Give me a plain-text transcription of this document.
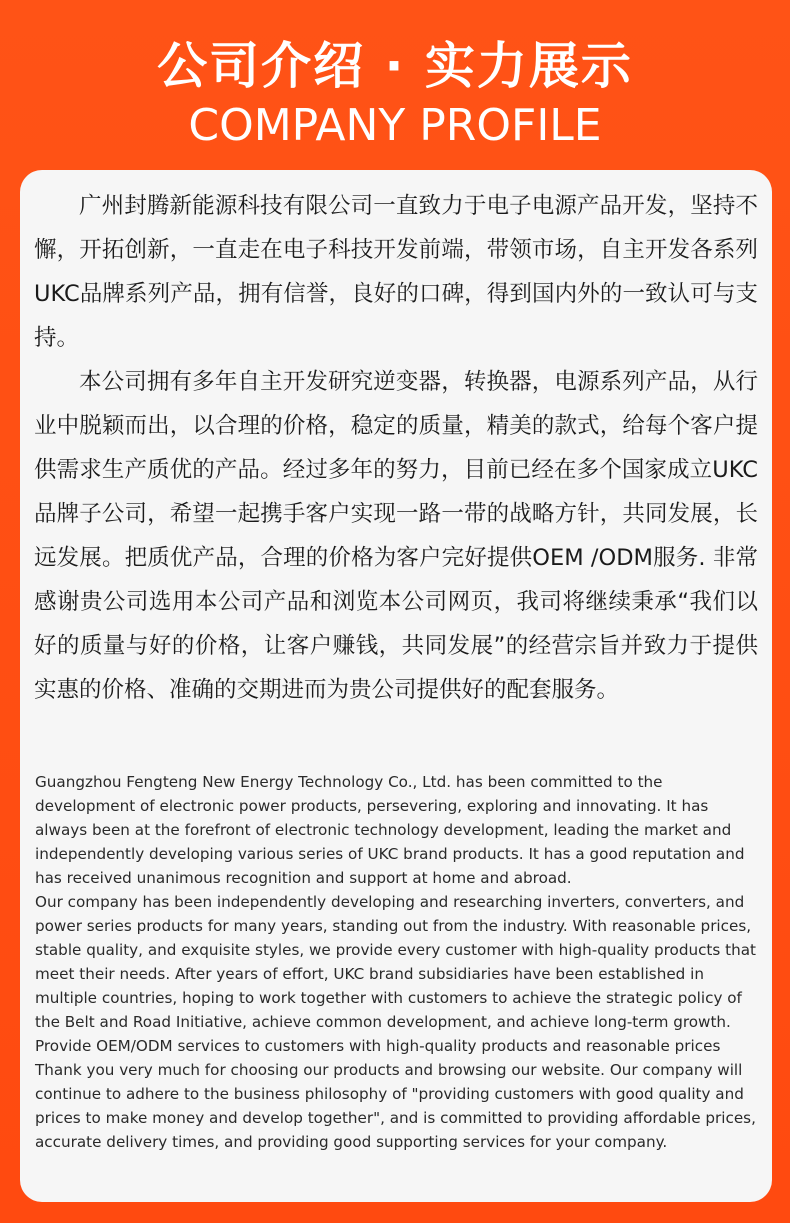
公司介绍 · 实力展示
COMPANY PROFILE

广州封腾新能源科技有限公司一直致力于电子电源产品开发，坚持不懈，开拓创新，一直走在电子科技开发前端，带领市场，自主开发各系列UKC品牌系列产品，拥有信誉，良好的口碑，得到国内外的一致认可与支持。

本公司拥有多年自主开发研究逆变器，转换器，电源系列产品，从行业中脱颖而出，以合理的价格，稳定的质量，精美的款式，给每个客户提供需求生产质优的产品。经过多年的努力，目前已经在多个国家成立UKC品牌子公司，希望一起携手客户实现一路一带的战略方针，共同发展，长远发展。把质优产品，合理的价格为客户完好提供OEM /ODM服务. 非常感谢贵公司选用本公司产品和浏览本公司网页，我司将继续秉承“我们以好的质量与好的价格，让客户赚钱，共同发展”的经营宗旨并致力于提供实惠的价格、准确的交期进而为贵公司提供好的配套服务。

Guangzhou Fengteng New Energy Technology Co., Ltd. has been committed to the development of electronic power products, persevering, exploring and innovating. It has always been at the forefront of electronic technology development, leading the market and independently developing various series of UKC brand products. It has a good reputation and has received unanimous recognition and support at home and abroad.

Our company has been independently developing and researching inverters, converters, and power series products for many years, standing out from the industry. With reasonable prices, stable quality, and exquisite styles, we provide every customer with high-quality products that meet their needs. After years of effort, UKC brand subsidiaries have been established in multiple countries, hoping to work together with customers to achieve the strategic policy of the Belt and Road Initiative, achieve common development, and achieve long-term growth. Provide OEM/ODM services to customers with high-quality products and reasonable prices Thank you very much for choosing our products and browsing our website. Our company will continue to adhere to the business philosophy of "providing customers with good quality and prices to make money and develop together", and is committed to providing affordable prices, accurate delivery times, and providing good supporting services for your company.
